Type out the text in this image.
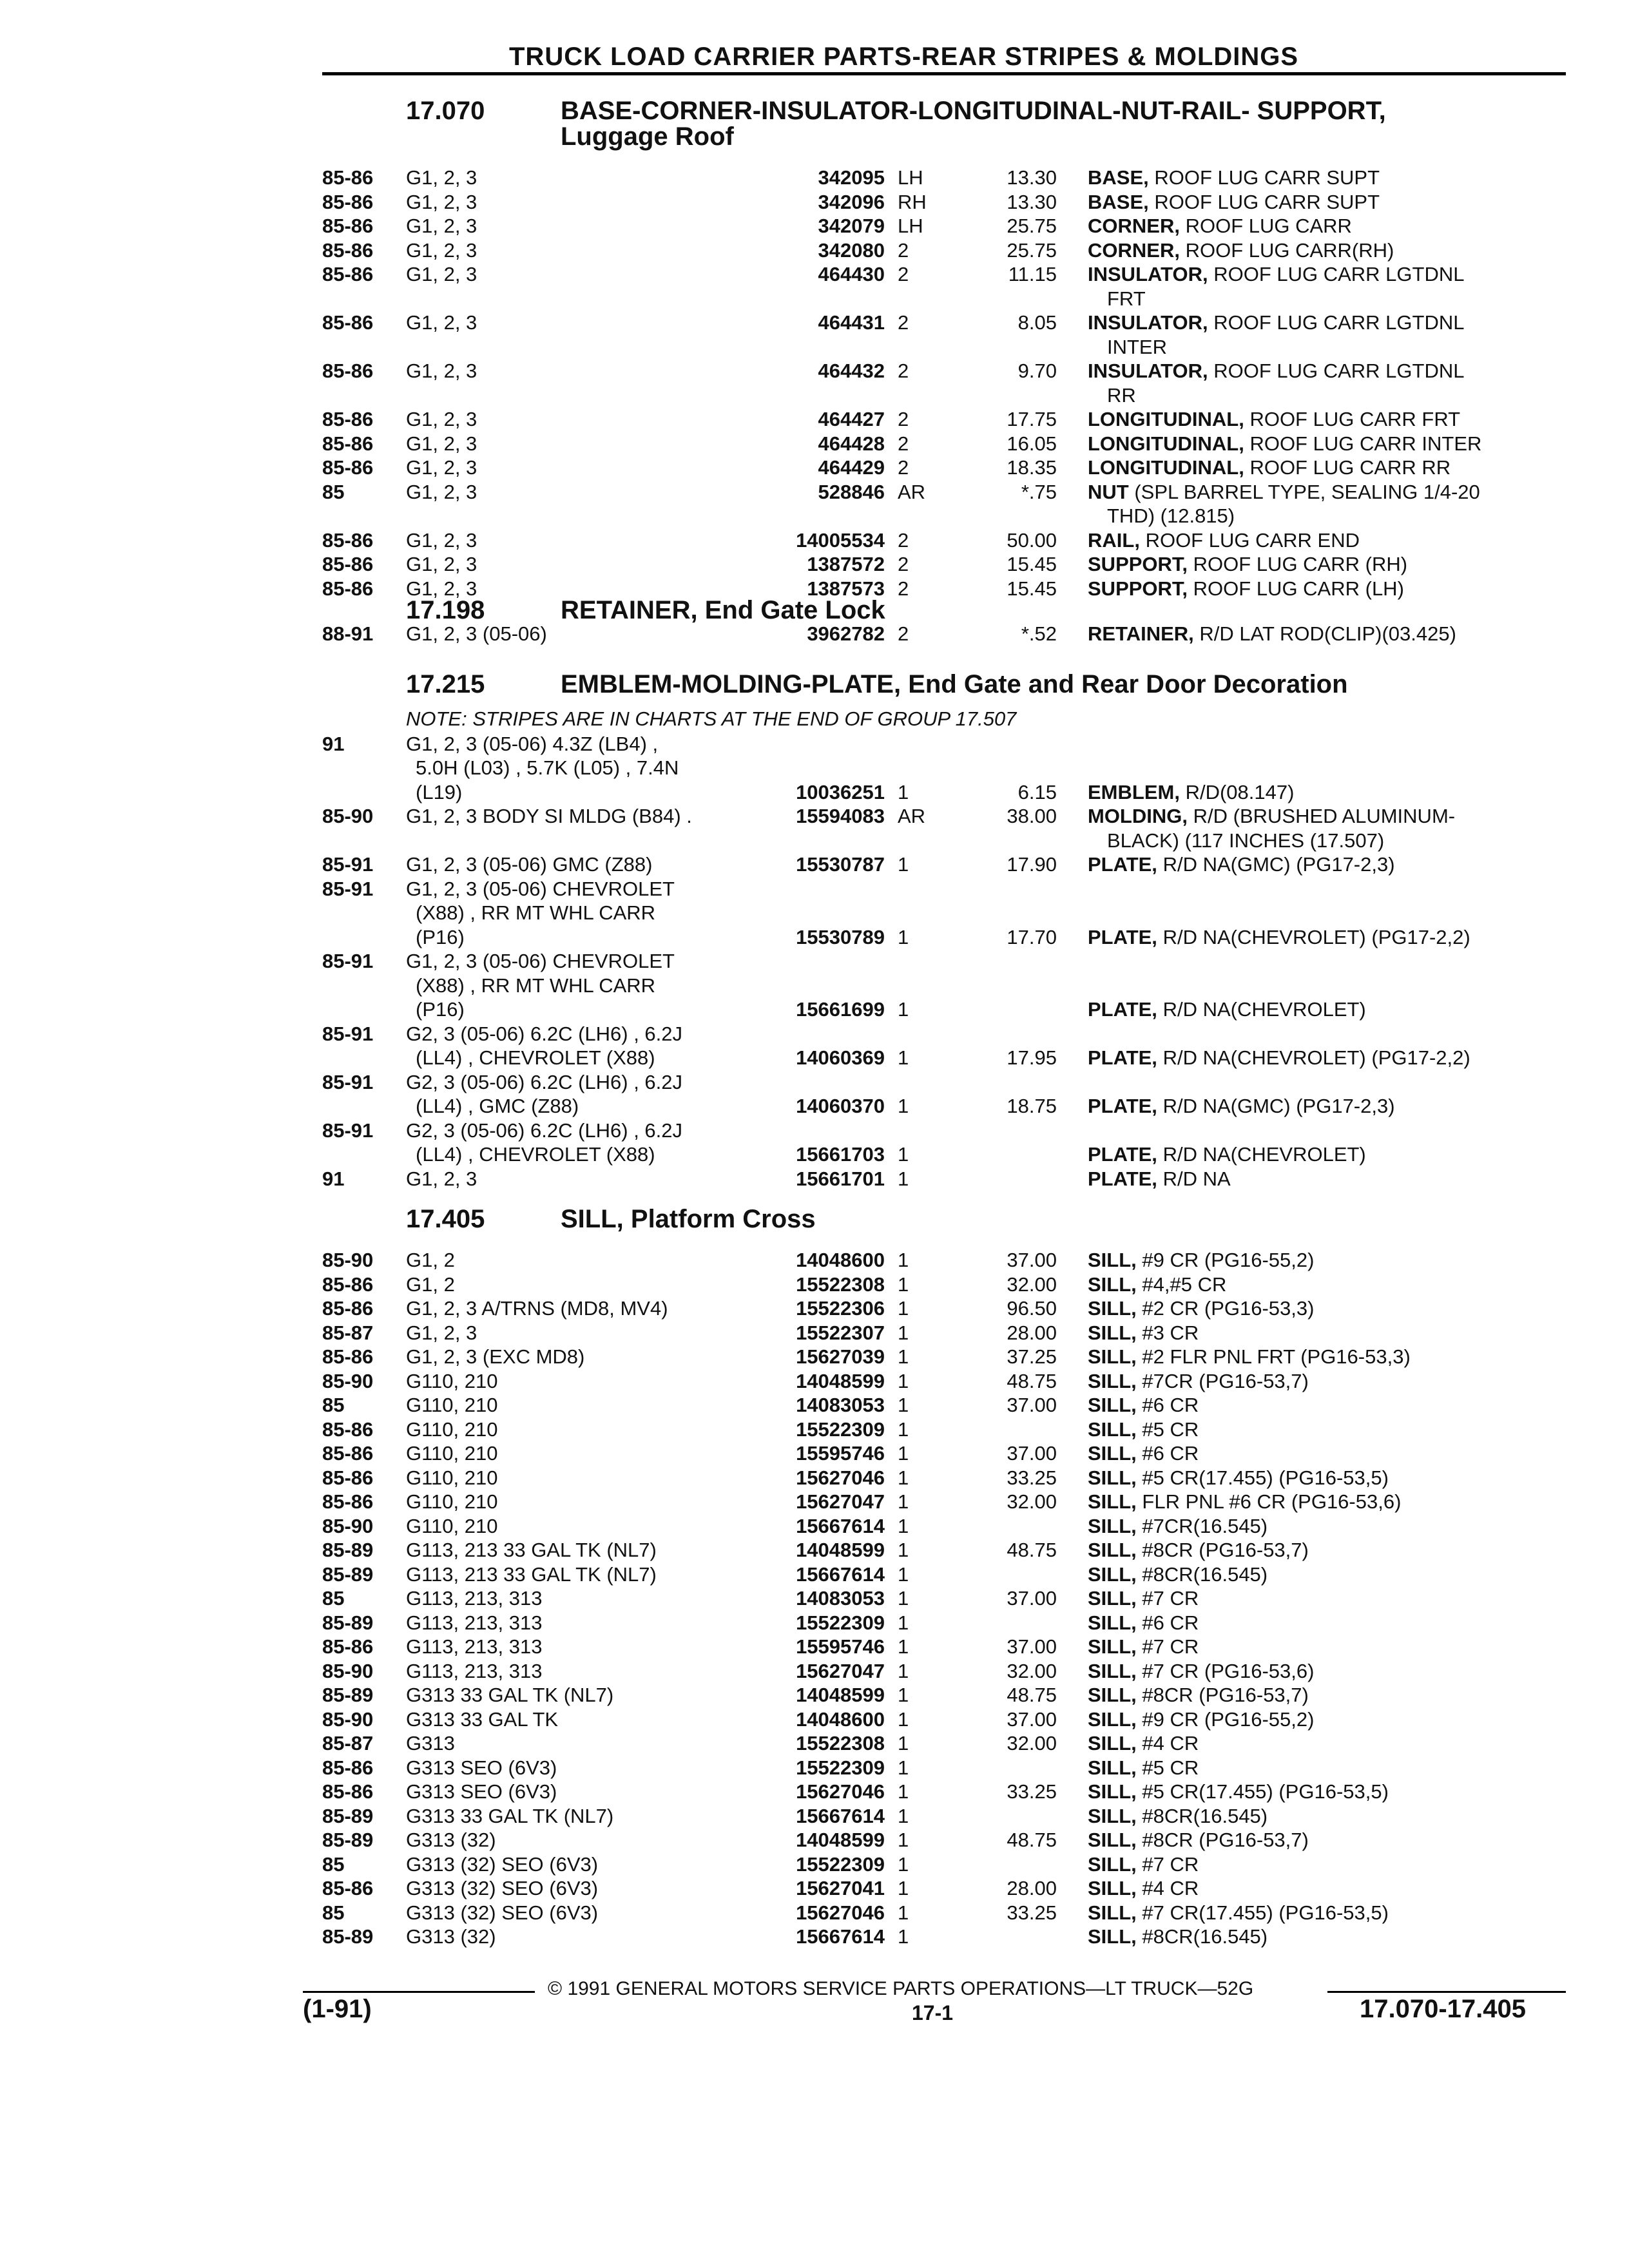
TRUCK LOAD CARRIER PARTS-REAR STRIPES & MOLDINGS
17.070	BASE-CORNER-INSULATOR-LONGITUDINAL-NUT-RAIL- SUPPORT,
Luggage Roof
85-86 G1, 2, 3	342095 LH	13.30 BASE, ROOF LUG CARR SUPT
85-86 G1, 2, 3	342096 RH	13.30 BASE, ROOF LUG CARR SUPT
85-86 G1, 2, 3	342079 LH	25.75 CORNER, ROOF LUG CARR
85-86 G1, 2, 3	342080 2	25.75 CORNER, ROOF LUG CARR(RH)
85-86 G1, 2, 3	464430 2	11.15 INSULATOR, ROOF LUG CARR LGTDNL
FRT
85-86 G1, 2, 3	464431 2	8.05 INSULATOR, ROOF LUG CARR LGTDNL
INTER
85-86 G1, 2, 3	464432 2	9.70 INSULATOR, ROOF LUG CARR LGTDNL
RR
85-86 G1, 2, 3	464427 2	17.75 LONGITUDINAL, ROOF LUG CARR FRT
85-86 G1, 2, 3	464428 2	16.05 LONGITUDINAL, ROOF LUG CARR INTER
85-86 G1, 2, 3	464429 2	18.35 LONGITUDINAL, ROOF LUG CARR RR
85	G1, 2, 3	528846 AR	*.75 NUT (SPL BARREL TYPE, SEALING 1/4-20
THD) (12.815)
85-86 G1, 2, 3	14005534 2	50.00 RAIL, ROOF LUG CARR END
85-86 G1, 2, 3	1387572 2	15.45 SUPPORT, ROOF LUG CARR (RH)
85-86 G1, 2, 3	1387573 2	15.45 SUPPORT, ROOF LUG CARR (LH)
17.198	RETAINER, End Gate Lock
88-91 G1, 2, 3 (05-06)	3962782 2	*.52 RETAINER, R/D LAT ROD(CLIP)(03.425)
17.215	EMBLEM-MOLDING-PLATE, End Gate and Rear Door Decoration
NOTE: STRIPES ARE IN CHARTS AT THE END OF GROUP 17.507
91	G1, 2, 3 (05-06) 4.3Z (LB4) ,
5.0H (L03) , 5.7K (L05) , 7.4N
(L19)	10036251 1	6.15 EMBLEM, R/D(08.147)
85-90 G1, 2, 3 BODY SI MLDG (B84) .	15594083 AR	38.00 MOLDING, R/D (BRUSHED ALUMINUM-
BLACK) (117 INCHES (17.507)
85-91 G1, 2, 3 (05-06) GMC (Z88)	15530787 1	17.90 PLATE, R/D NA(GMC) (PG17-2,3)
85-91 G1, 2, 3 (05-06) CHEVROLET
(X88) , RR MT WHL CARR
(P16)	15530789 1	17.70 PLATE, R/D NA(CHEVROLET) (PG17-2,2)
85-91 G1, 2, 3 (05-06) CHEVROLET
(X88) , RR MT WHL CARR
(P16)	15661699 1	PLATE, R/D NA(CHEVROLET)
85-91 G2, 3 (05-06) 6.2C (LH6) , 6.2J
(LL4) , CHEVROLET (X88)	14060369 1	17.95 PLATE, R/D NA(CHEVROLET) (PG17-2,2)
85-91 G2, 3 (05-06) 6.2C (LH6) , 6.2J
(LL4) , GMC (Z88)	14060370 1	18.75 PLATE, R/D NA(GMC) (PG17-2,3)
85-91 G2, 3 (05-06) 6.2C (LH6) , 6.2J
(LL4) , CHEVROLET (X88)	15661703 1	PLATE, R/D NA(CHEVROLET)
91	G1, 2, 3	15661701 1	PLATE, R/D NA
17.405	SILL, Platform Cross
85-90 G1, 2	14048600 1	37.00 SILL, #9 CR (PG16-55,2)
85-86 G1, 2	15522308 1	32.00 SILL, #4,#5 CR
85-86 G1, 2, 3 A/TRNS (MD8, MV4)	15522306 1	96.50 SILL, #2 CR (PG16-53,3)
85-87 G1, 2, 3	15522307 1	28.00 SILL, #3 CR
85-86 G1, 2, 3 (EXC MD8)	15627039 1	37.25 SILL, #2 FLR PNL FRT (PG16-53,3)
85-90 G110, 210	14048599 1	48.75 SILL, #7CR (PG16-53,7)
85	G110, 210	14083053 1	37.00 SILL, #6 CR
85-86 G110, 210	15522309 1	SILL, #5 CR
85-86 G110, 210	15595746 1	37.00 SILL, #6 CR
85-86 G110, 210	15627046 1	33.25 SILL, #5 CR(17.455) (PG16-53,5)
85-86 G110, 210	15627047 1	32.00 SILL, FLR PNL #6 CR (PG16-53,6)
85-90 G110, 210	15667614 1	SILL, #7CR(16.545)
85-89 G113, 213 33 GAL TK (NL7)	14048599 1	48.75 SILL, #8CR (PG16-53,7)
85-89 G113, 213 33 GAL TK (NL7)	15667614 1	SILL, #8CR(16.545)
85	G113, 213, 313	14083053 1	37.00 SILL, #7 CR
85-89 G113, 213, 313	15522309 1	SILL, #6 CR
85-86 G113, 213, 313	15595746 1	37.00 SILL, #7 CR
85-90 G113, 213, 313	15627047 1	32.00 SILL, #7 CR (PG16-53,6)
85-89 G313 33 GAL TK (NL7)	14048599 1	48.75 SILL, #8CR (PG16-53,7)
85-90 G313 33 GAL TK	14048600 1	37.00 SILL, #9 CR (PG16-55,2)
85-87 G313	15522308 1	32.00 SILL, #4 CR
85-86 G313 SEO (6V3)	15522309 1	SILL, #5 CR
85-86 G313 SEO (6V3)	15627046 1	33.25 SILL, #5 CR(17.455) (PG16-53,5)
85-89 G313 33 GAL TK (NL7)	15667614 1	SILL, #8CR(16.545)
85-89 G313 (32)	14048599 1	48.75 SILL, #8CR (PG16-53,7)
85	G313 (32) SEO (6V3)	15522309 1	SILL, #7 CR
85-86 G313 (32) SEO (6V3)	15627041 1	28.00 SILL, #4 CR
85	G313 (32) SEO (6V3)	15627046 1	33.25 SILL, #7 CR(17.455) (PG16-53,5)
85-89 G313 (32)	15667614 1	SILL, #8CR(16.545)
© 1991 GENERAL MOTORS SERVICE PARTS OPERATIONS—LT TRUCK—52G
(1-91)	17-1	17.070-17.405
